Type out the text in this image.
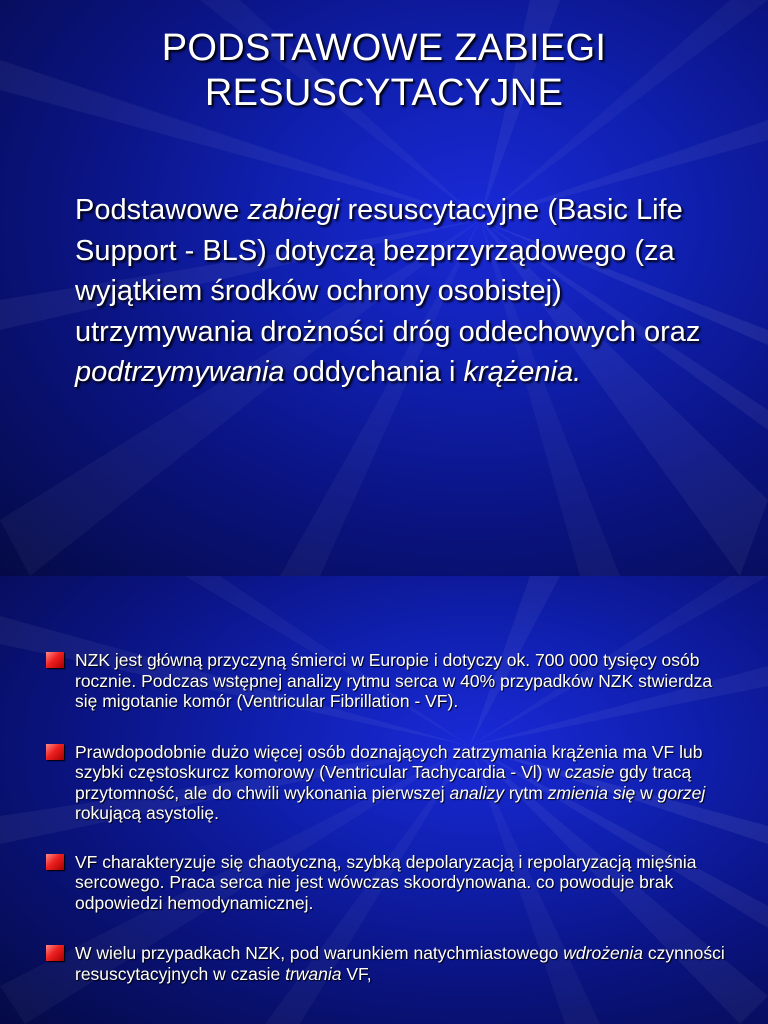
PODSTAWOWE ZABIEGI
RESUSCYTACYJNE

Podstawowe zabiegi resuscytacyjne (Basic Life Support - BLS) dotyczą bezprzyrządowego (za wyjątkiem środków ochrony osobistej) utrzymywania drożności dróg oddechowych oraz podtrzymywania oddychania i krążenia.

NZK jest główną przyczyną śmierci w Europie i dotyczy ok. 700 000 tysięcy osób rocznie. Podczas wstępnej analizy rytmu serca w 40% przypadków NZK stwierdza się migotanie komór (Ventricular Fibrillation - VF).
Prawdopodobnie dużo więcej osób doznających zatrzymania krążenia ma VF lub szybki częstoskurcz komorowy (Ventricular Tachycardia - Vl) w czasie gdy tracą przytomność, ale do chwili wykonania pierwszej analizy rytm zmienia się w gorzej rokującą asystolię.
VF charakteryzuje się chaotyczną, szybką depolaryzacją i repolaryzacją mięśnia sercowego. Praca serca nie jest wówczas skoordynowana. co powoduje brak odpowiedzi hemodynamicznej.
W wielu przypadkach NZK, pod warunkiem natychmiastowego wdrożenia czynności resuscytacyjnych w czasie trwania VF,
